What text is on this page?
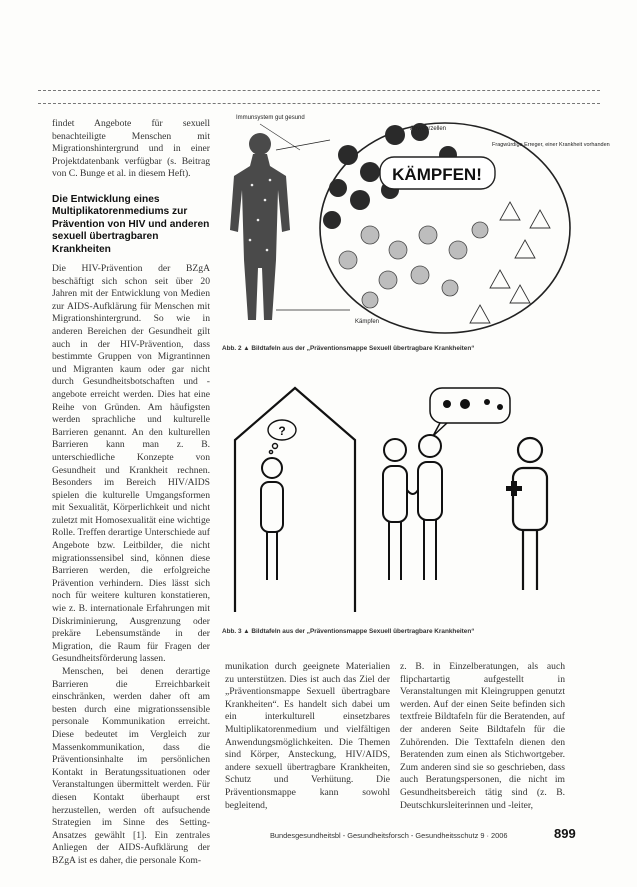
findet Angebote für sexuell benachteiligte Menschen mit Migrationshintergrund und in einer Projektdatenbank verfügbar (s. Beitrag von C. Bunge et al. in diesem Heft).

Die Entwicklung eines Multiplikatorenmediums zur Prävention von HIV und anderen sexuell übertragbaren Krankheiten

Die HIV-Prävention der BZgA beschäftigt sich schon seit über 20 Jahren mit der Entwicklung von Medien zur AIDS-Aufklärung für Menschen mit Migrationshintergrund. So wie in anderen Bereichen der Gesundheit gilt auch in der HIV-Prävention, dass bestimmte Gruppen von Migrantinnen und Migranten kaum oder gar nicht durch Gesundheitsbotschaften und -angebote erreicht werden. Dies hat eine Reihe von Gründen. Am häufigsten werden sprachliche und kulturelle Barrieren genannt. An den kulturellen Barrieren kann man z. B. unterschiedliche Konzepte von Gesundheit und Krankheit rechnen. Besonders im Bereich HIV/AIDS spielen die kulturelle Umgangsformen mit Sexualität, Körperlichkeit und nicht zuletzt mit Homosexualität eine wichtige Rolle. Treffen derartige Unterschiede auf Angebote bzw. Leitbilder, die nicht migrationssensibel sind, können diese Barrieren werden, die erfolgreiche Prävention verhindern. Dies lässt sich noch für weitere kulturen konstatieren, wie z. B. internationale Erfahrungen mit Diskriminierung, Ausgrenzung oder prekäre Lebensumstände in der Migration, die Raum für Fragen der Gesundheitsförderung lassen.

Menschen, bei denen derartige Barrieren die Erreichbarkeit einschränken, werden daher oft am besten durch eine migrationssensible personale Kommunikation erreicht. Diese bedeutet im Vergleich zur Massenkommunikation, dass die Präventionsinhalte im persönlichen Kontakt in Beratungssituationen oder Veranstaltungen übermittelt werden. Für diesen Kontakt überhaupt erst herzustellen, werden oft aufsuchende Strategien im Sinne des Setting-Ansatzes gewählt [1]. Ein zentrales Anliegen der AIDS-Aufklärung der BZgA ist es daher, die personale Kom-

munikation durch geeignete Materialien zu unterstützen. Dies ist auch das Ziel der „Präventionsmappe Sexuell übertragbare Krankheiten“. Es handelt sich dabei um ein interkulturell einsetzbares Multiplikatorenmedium und vielfältigen Anwendungsmöglichkeiten. Die Themen sind Körper, Ansteckung, HIV/AIDS, andere sexuell übertragbare Krankheiten, Schutz und Verhütung. Die Präventionsmappe kann sowohl begleitend,

z. B. in Einzelberatungen, als auch flipchartartig aufgestellt in Veranstaltungen mit Kleingruppen genutzt werden. Auf der einen Seite befinden sich textfreie Bildtafeln für die Beratenden, auf der anderen Seite Bildtafeln für die Zuhörenden. Die Texttafeln dienen den Beratenden zum einen als Stichwortgeber. Zum anderen sind sie so geschrieben, dass auch Beratungspersonen, die nicht im Gesundheitsbereich tätig sind (z. B. Deutschkursleiterinnen und -leiter,

Immunsystem gut gesund
Abwehrzellen
KÄMPFEN!
Fragwürdige Erreger, einer Krankheit vorhanden
Kämpfen
Abb. 2 ▲ Bildtafeln aus der „Präventionsmappe Sexuell übertragbare Krankheiten“
?
Abb. 3 ▲ Bildtafeln aus der „Präventionsmappe Sexuell übertragbare Krankheiten“
Bundesgesundheitsbl - Gesundheitsforsch - Gesundheitsschutz 9 · 2006	899
